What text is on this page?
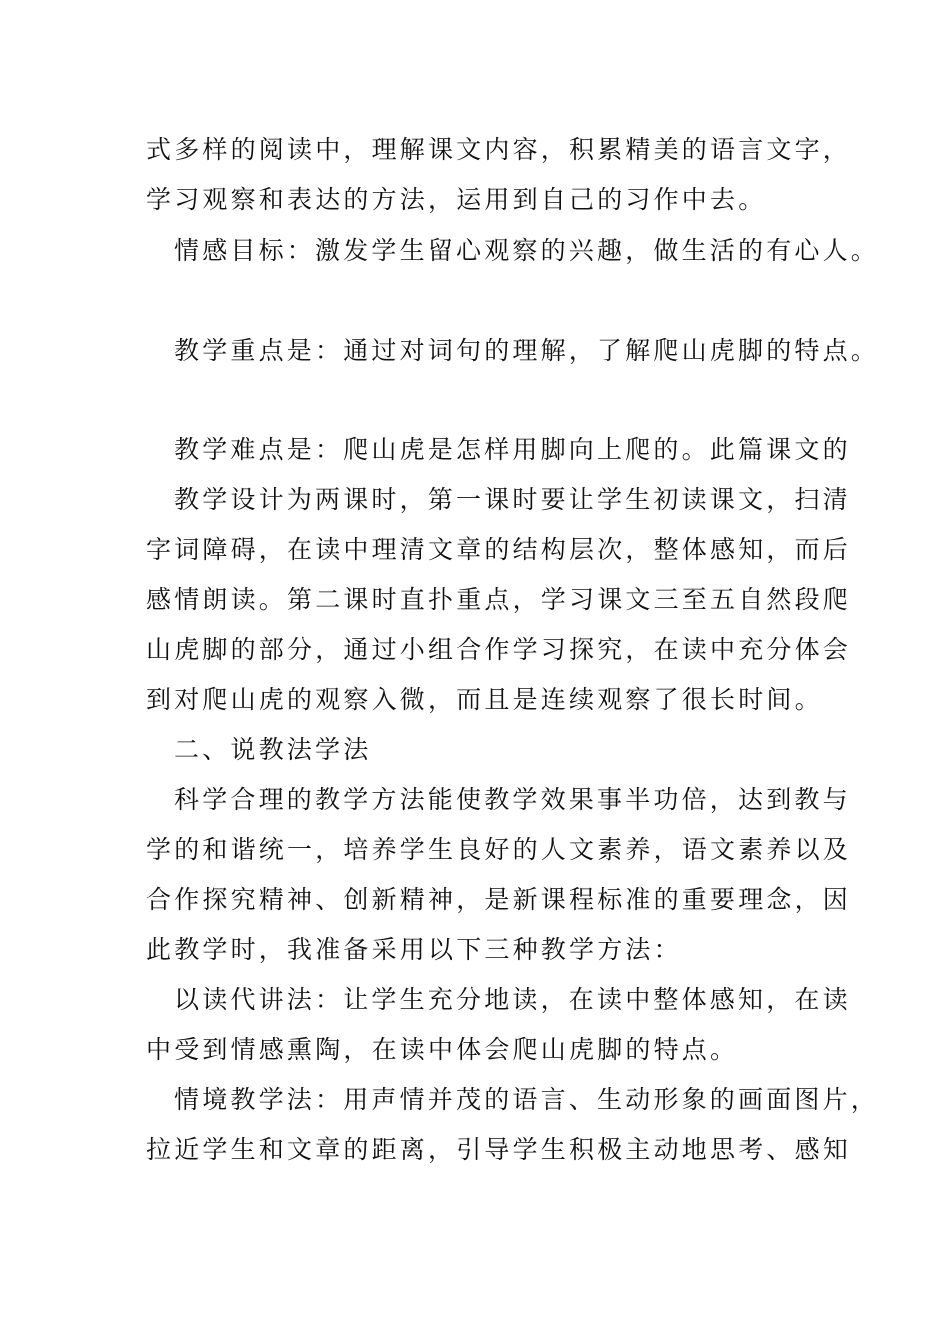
式多样的阅读中，理解课文内容，积累精美的语言文字，
学习观察和表达的方法，运用到自己的习作中去。
情感目标：激发学生留心观察的兴趣，做生活的有心人。
教学重点是：通过对词句的理解，了解爬山虎脚的特点。
教学难点是：爬山虎是怎样用脚向上爬的。此篇课文的
教学设计为两课时，第一课时要让学生初读课文，扫清
字词障碍，在读中理清文章的结构层次，整体感知，而后
感情朗读。第二课时直扑重点，学习课文三至五自然段爬
山虎脚的部分，通过小组合作学习探究，在读中充分体会
到对爬山虎的观察入微，而且是连续观察了很长时间。
二、说教法学法
科学合理的教学方法能使教学效果事半功倍，达到教与
学的和谐统一，培养学生良好的人文素养，语文素养以及
合作探究精神、创新精神，是新课程标准的重要理念，因
此教学时，我准备采用以下三种教学方法：
以读代讲法：让学生充分地读，在读中整体感知，在读
中受到情感熏陶，在读中体会爬山虎脚的特点。
情境教学法：用声情并茂的语言、生动形象的画面图片，
拉近学生和文章的距离，引导学生积极主动地思考、感知
